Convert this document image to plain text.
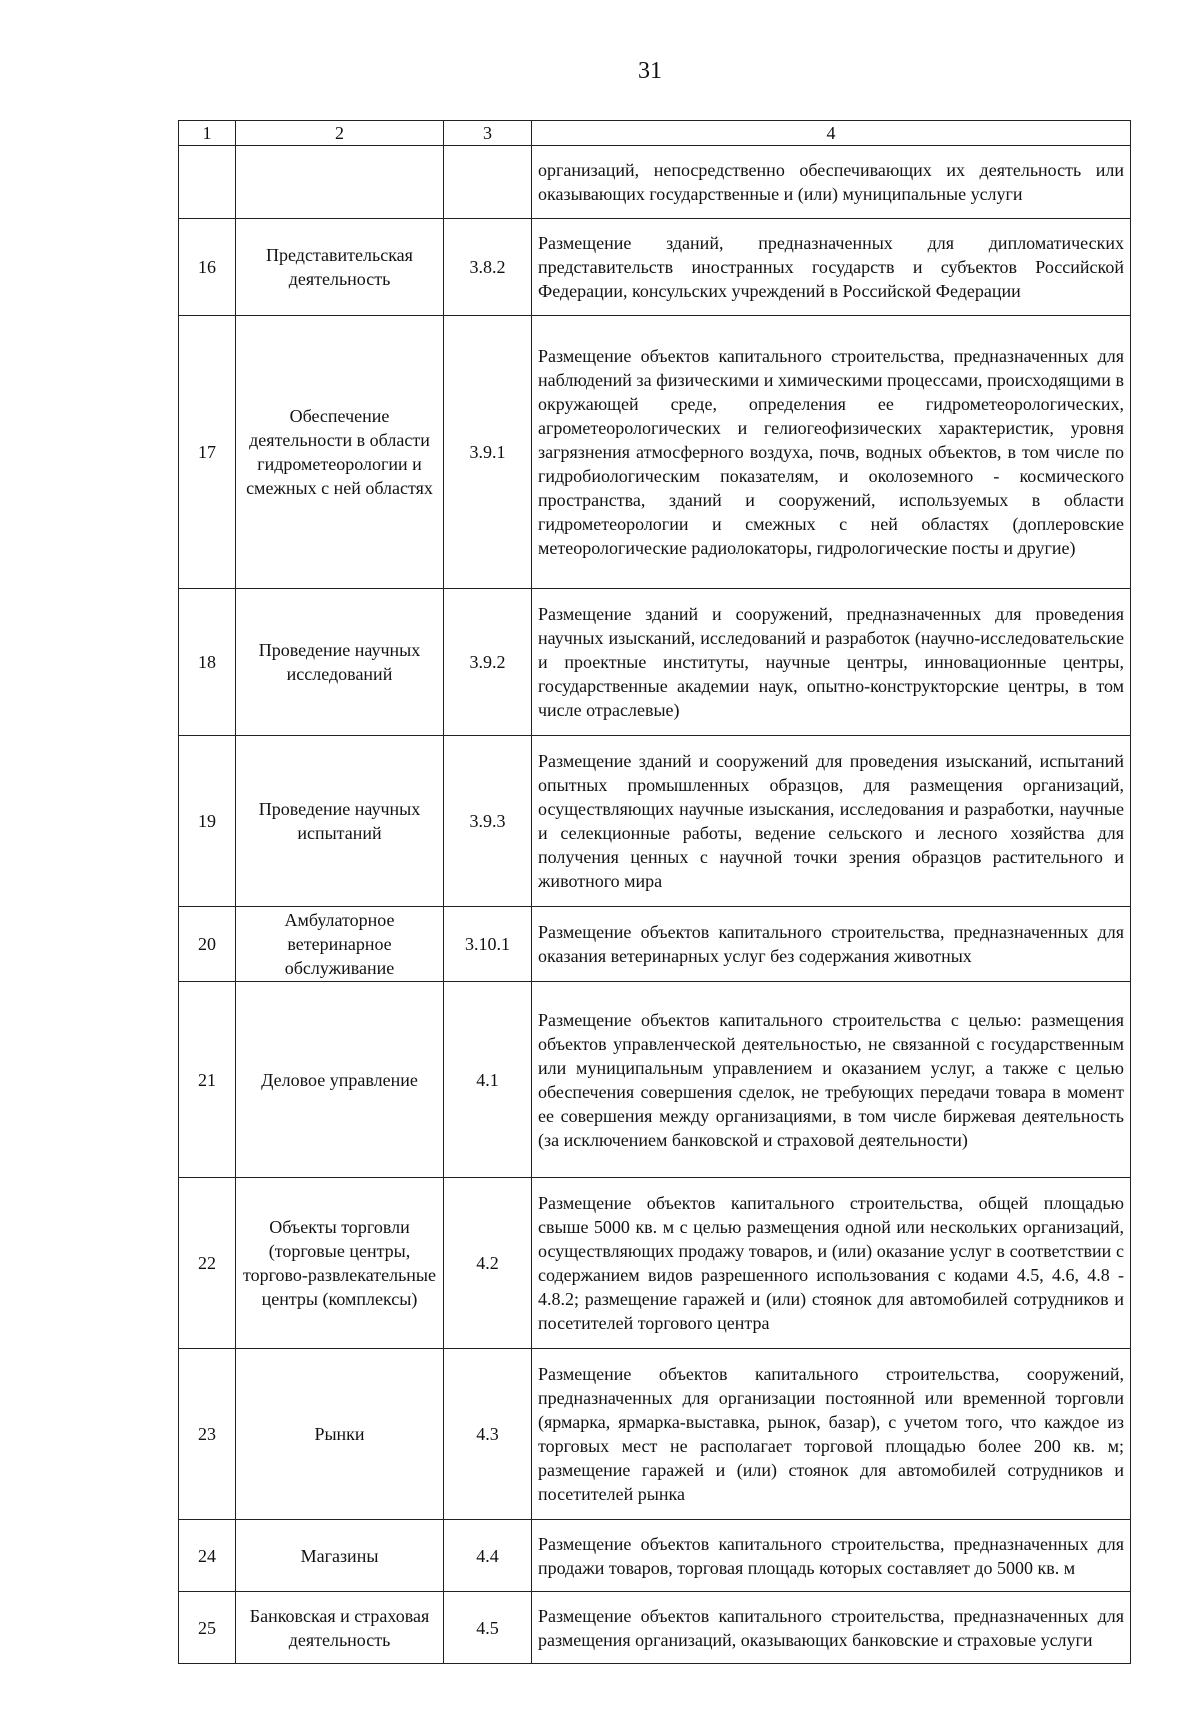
31
1	2	3	4
			организаций, непосредственно обеспечивающих их деятельность или оказывающих государственные и (или) муниципальные услуги
16	Представительская деятельность	3.8.2	Размещение зданий, предназначенных для дипломатических представительств иностранных государств и субъектов Российской Федерации, консульских учреждений в Российской Федерации
17	Обеспечение деятельности в области гидрометеорологии и смежных с ней областях	3.9.1	Размещение объектов капитального строительства, предназначенных для наблюдений за физическими и химическими процессами, происходящими в окружающей среде, определения ее гидрометеорологических, агрометеорологических и гелиогеофизических характеристик, уровня загрязнения атмосферного воздуха, почв, водных объектов, в том числе по гидробиологическим показателям, и околоземного - космического пространства, зданий и сооружений, используемых в области гидрометеорологии и смежных с ней областях (доплеровские метеорологические радиолокаторы, гидрологические посты и другие)
18	Проведение научных исследований	3.9.2	Размещение зданий и сооружений, предназначенных для проведения научных изысканий, исследований и разработок (научно-исследовательские и проектные институты, научные центры, инновационные центры, государственные академии наук, опытно-конструкторские центры, в том числе отраслевые)
19	Проведение научных испытаний	3.9.3	Размещение зданий и сооружений для проведения изысканий, испытаний опытных промышленных образцов, для размещения организаций, осуществляющих научные изыскания, исследования и разработки, научные и селекционные работы, ведение сельского и лесного хозяйства для получения ценных с научной точки зрения образцов растительного и животного мира
20	Амбулаторное ветеринарное обслуживание	3.10.1	Размещение объектов капитального строительства, предназначенных для оказания ветеринарных услуг без содержания животных
21	Деловое управление	4.1	Размещение объектов капитального строительства с целью: размещения объектов управленческой деятельностью, не связанной с государственным или муниципальным управлением и оказанием услуг, а также с целью обеспечения совершения сделок, не требующих передачи товара в момент ее совершения между организациями, в том числе биржевая деятельность (за исключением банковской и страховой деятельности)
22	Объекты торговли (торговые центры, торгово-развлекательные центры (комплексы)	4.2	Размещение объектов капитального строительства, общей площадью свыше 5000 кв. м с целью размещения одной или нескольких организаций, осуществляющих продажу товаров, и (или) оказание услуг в соответствии с содержанием видов разрешенного использования с кодами 4.5, 4.6, 4.8 - 4.8.2; размещение гаражей и (или) стоянок для автомобилей сотрудников и посетителей торгового центра
23	Рынки	4.3	Размещение объектов капитального строительства, сооружений, предназначенных для организации постоянной или временной торговли (ярмарка, ярмарка-выставка, рынок, базар), с учетом того, что каждое из торговых мест не располагает торговой площадью более 200 кв. м; размещение гаражей и (или) стоянок для автомобилей сотрудников и посетителей рынка
24	Магазины	4.4	Размещение объектов капитального строительства, предназначенных для продажи товаров, торговая площадь которых составляет до 5000 кв. м
25	Банковская и страховая деятельность	4.5	Размещение объектов капитального строительства, предназначенных для размещения организаций, оказывающих банковские и страховые услуги
